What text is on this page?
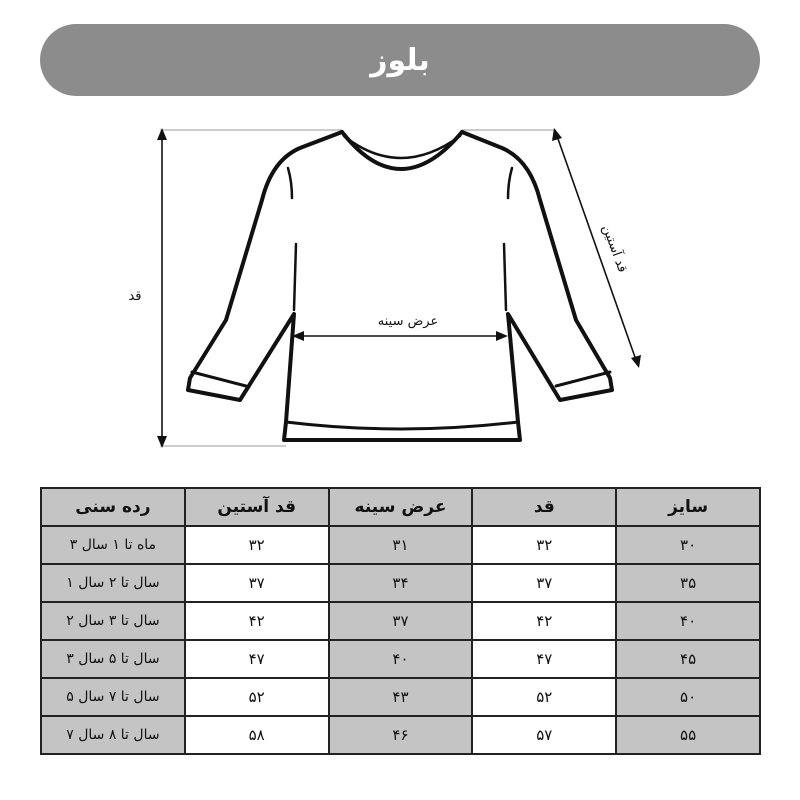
بلوز
قد
قد آستین
عرض سینه
رده سنی	قد آستین	عرض سینه	قد	سایز
۳ ماه تا ۱ سال	۳۲	۳۱	۳۲	۳۰
۱ سال تا ۲ سال	۳۷	۳۴	۳۷	۳۵
۲ سال تا ۳ سال	۴۲	۳۷	۴۲	۴۰
۳ سال تا ۵ سال	۴۷	۴۰	۴۷	۴۵
۵ سال تا ۷ سال	۵۲	۴۳	۵۲	۵۰
۷ سال تا ۸ سال	۵۸	۴۶	۵۷	۵۵
